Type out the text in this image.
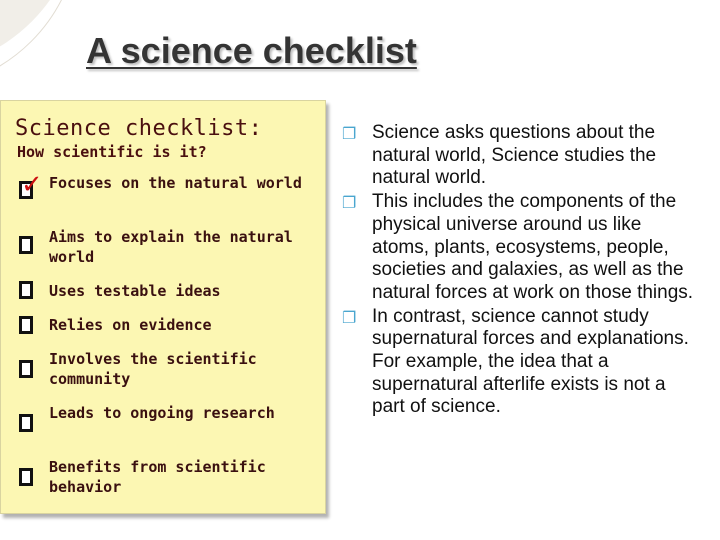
A science checklist
Science checklist:
How scientific is it?
✓ Focuses on the natural world
Aims to explain the natural world
Uses testable ideas
Relies on evidence
Involves the scientific community
Leads to ongoing research
Benefits from scientific behavior
❐ Science asks questions about the natural world, Science studies the natural world.
❐ This includes the components of the physical universe around us like atoms, plants, ecosystems, people, societies and galaxies, as well as the natural forces at work on those things.
❐ In contrast, science cannot study supernatural forces and explanations. For example, the idea that a supernatural afterlife exists is not a part of science.
